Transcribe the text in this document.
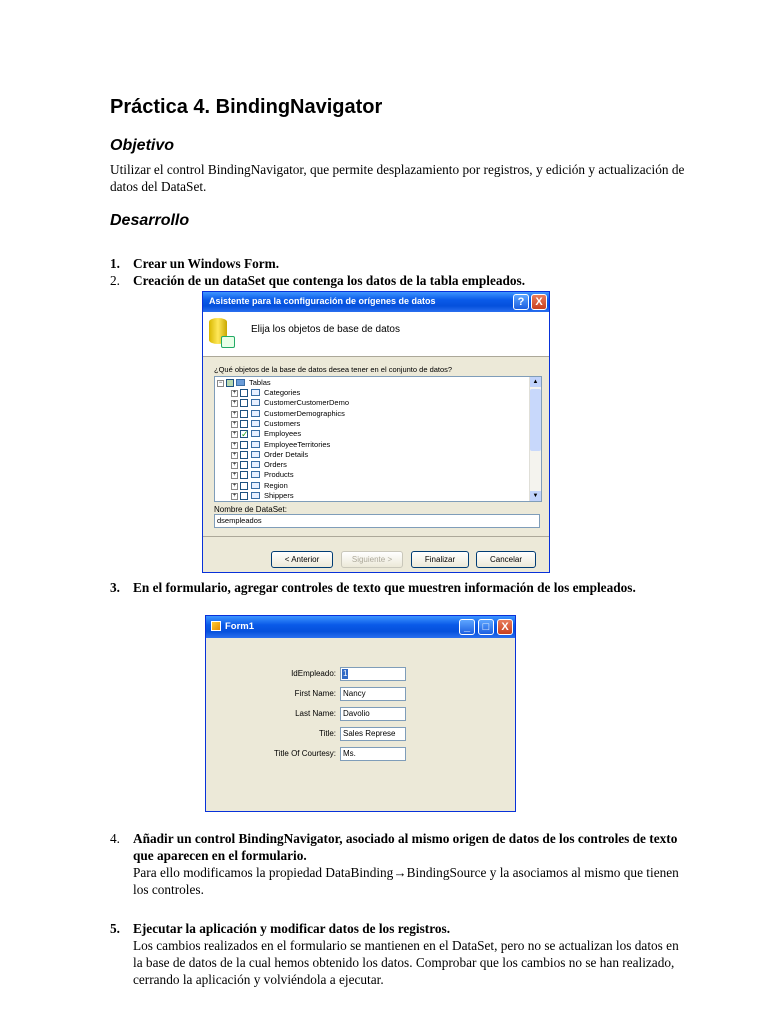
Práctica 4. BindingNavigator
Objetivo

Utilizar el control BindingNavigator, que permite desplazamiento por registros, y edición y actualización de datos del DataSet.

Desarrollo
1. Crear un Windows Form.
2. Creación de un dataSet que contenga los datos de la tabla empleados.
Asistente para la configuración de orígenes de datos	? X
Elija los objetos de base de datos
¿Qué objetos de la base de datos desea tener en el conjunto de datos?
−	Tablas
+	Categories
+	CustomerCustomerDemo
+	CustomerDemographics
+	Customers
+ ✓ Employees
+	EmployeeTerritories
+	Order Details
+	Orders
+	Products
+	Region
+	Shippers
▲
▼
Nombre de DataSet:
dsempleados
< Anterior	Siguiente >	Finalizar	Cancelar
3. En el formulario, agregar controles de texto que muestren información de los empleados.
Form1	_	□	X
IdEmpleado: 1
First Name: Nancy
Last Name: Davolio
Title: Sales Represe
Title Of Courtesy: Ms.
4. Añadir un control BindingNavigator, asociado al mismo origen de datos de los controles de texto que aparecen en el formulario.
Para ello modificamos la propiedad DataBinding→BindingSource y la asociamos al mismo que tienen los controles.
5. Ejecutar la aplicación y modificar datos de los registros.
Los cambios realizados en el formulario se mantienen en el DataSet, pero no se actualizan los datos en la base de datos de la cual hemos obtenido los datos. Comprobar que los cambios no se han realizado, cerrando la aplicación y volviéndola a ejecutar.
